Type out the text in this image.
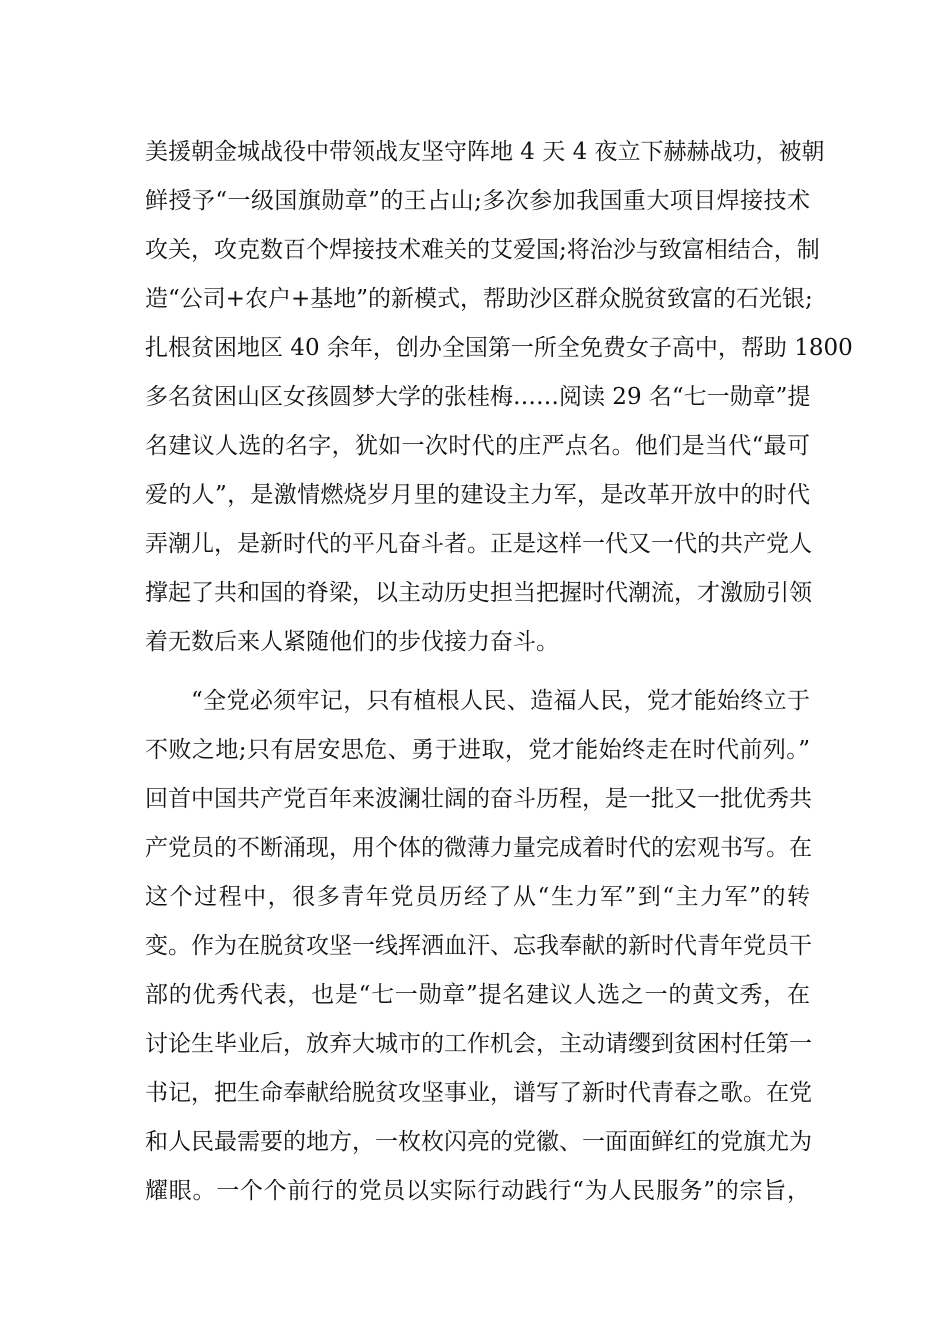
美援朝金城战役中带领战友坚守阵地 4 天 4 夜立下赫赫战功，被朝
鲜授予“一级国旗勋章”的王占山;多次参加我国重大项目焊接技术
攻关，攻克数百个焊接技术难关的艾爱国;将治沙与致富相结合，制
造“公司+农户+基地”的新模式，帮助沙区群众脱贫致富的石光银;
扎根贫困地区 40 余年，创办全国第一所全免费女子高中，帮助 1800
多名贫困山区女孩圆梦大学的张桂梅……阅读 29 名“七一勋章”提
名建议人选的名字，犹如一次时代的庄严点名。他们是当代“最可
爱的人”，是激情燃烧岁月里的建设主力军，是改革开放中的时代
弄潮儿，是新时代的平凡奋斗者。正是这样一代又一代的共产党人
撑起了共和国的脊梁，以主动历史担当把握时代潮流，才激励引领
着无数后来人紧随他们的步伐接力奋斗。
“全党必须牢记，只有植根人民、造福人民，党才能始终立于
不败之地;只有居安思危、勇于进取，党才能始终走在时代前列。”
回首中国共产党百年来波澜壮阔的奋斗历程，是一批又一批优秀共
产党员的不断涌现，用个体的微薄力量完成着时代的宏观书写。在
这个过程中，很多青年党员历经了从“生力军”到“主力军”的转
变。作为在脱贫攻坚一线挥洒血汗、忘我奉献的新时代青年党员干
部的优秀代表，也是“七一勋章”提名建议人选之一的黄文秀，在
讨论生毕业后，放弃大城市的工作机会，主动请缨到贫困村任第一
书记，把生命奉献给脱贫攻坚事业，谱写了新时代青春之歌。在党
和人民最需要的地方，一枚枚闪亮的党徽、一面面鲜红的党旗尤为
耀眼。一个个前行的党员以实际行动践行“为人民服务”的宗旨，
